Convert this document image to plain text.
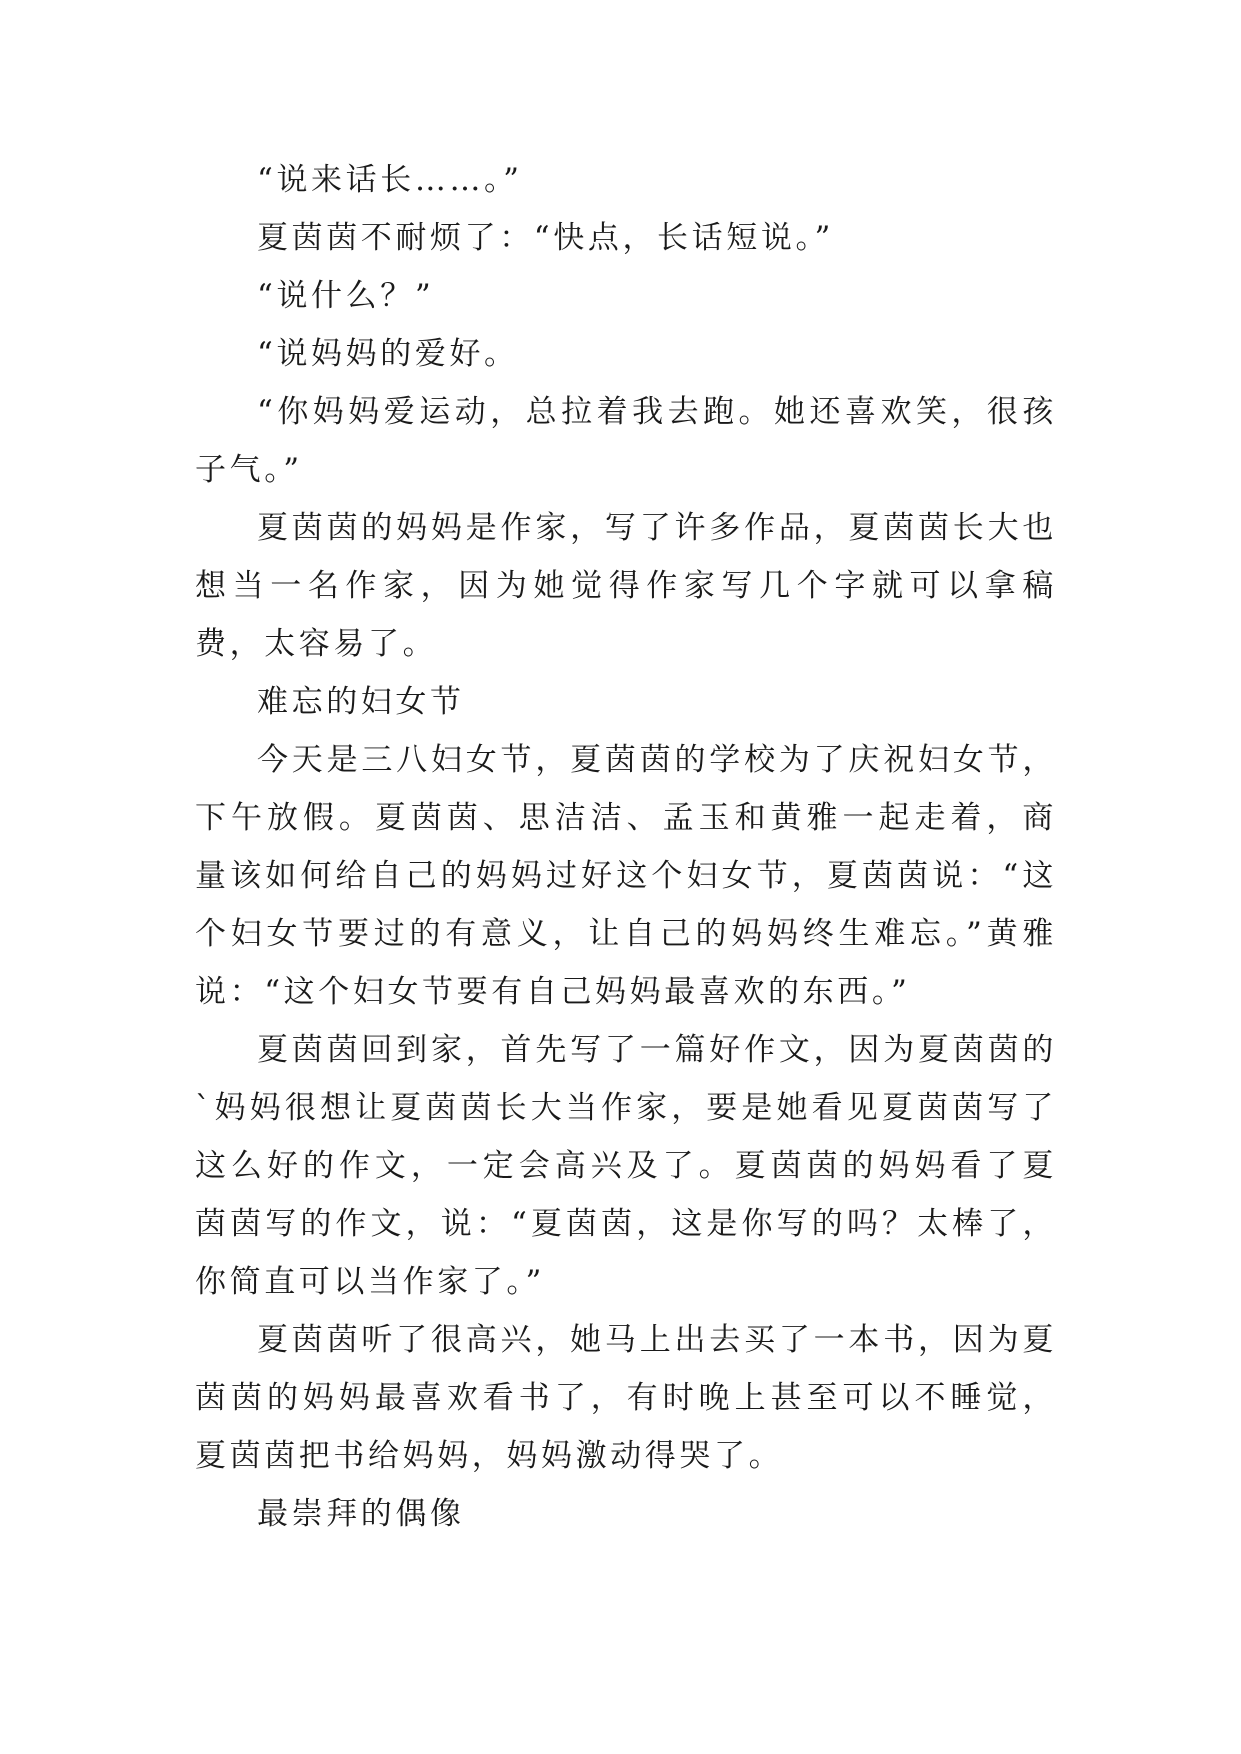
“说来话长……。”

夏茵茵不耐烦了：“快点，长话短说。”

“说什么？”

“说妈妈的爱好。

“你妈妈爱运动，总拉着我去跑。她还喜欢笑，很孩子气。”

夏茵茵的妈妈是作家，写了许多作品，夏茵茵长大也想当一名作家，因为她觉得作家写几个字就可以拿稿费，太容易了。

难忘的妇女节

今天是三八妇女节，夏茵茵的学校为了庆祝妇女节，下午放假。夏茵茵、思洁洁、孟玉和黄雅一起走着，商量该如何给自己的妈妈过好这个妇女节，夏茵茵说：“这个妇女节要过的有意义，让自己的妈妈终生难忘。”黄雅说：“这个妇女节要有自己妈妈最喜欢的东西。”

夏茵茵回到家，首先写了一篇好作文，因为夏茵茵的`妈妈很想让夏茵茵长大当作家，要是她看见夏茵茵写了这么好的作文，一定会高兴及了。夏茵茵的妈妈看了夏茵茵写的作文，说：“夏茵茵，这是你写的吗？太棒了，你简直可以当作家了。”

夏茵茵听了很高兴，她马上出去买了一本书，因为夏茵茵的妈妈最喜欢看书了，有时晚上甚至可以不睡觉，夏茵茵把书给妈妈，妈妈激动得哭了。

最崇拜的偶像
